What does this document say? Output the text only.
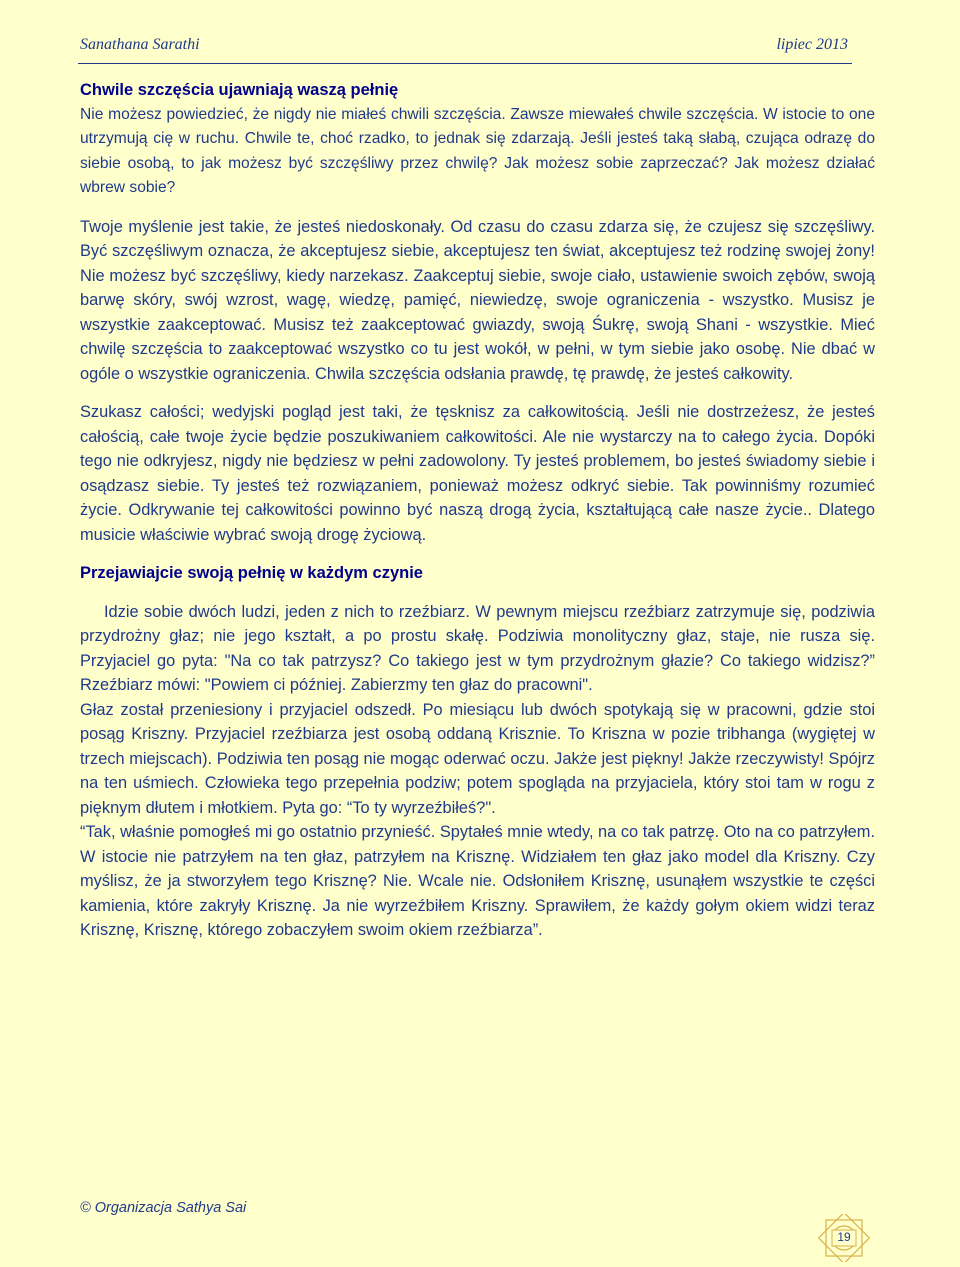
Sanathana Sarathi	lipiec 2013
Chwile szczęścia ujawniają waszą pełnię

Nie możesz powiedzieć, że nigdy nie miałeś chwili szczęścia. Zawsze miewałeś chwile szczęścia. W istocie to one utrzymują cię w ruchu. Chwile te, choć rzadko, to jednak się zdarzają. Jeśli jesteś taką słabą, czująca odrazę do siebie osobą, to jak możesz być szczęśliwy przez chwilę? Jak możesz sobie zaprzeczać? Jak możesz działać wbrew sobie?

Twoje myślenie jest takie, że jesteś niedoskonały. Od czasu do czasu zdarza się, że czujesz się szczęśliwy. Być szczęśliwym oznacza, że akceptujesz siebie, akceptujesz ten świat, akceptujesz też rodzinę swojej żony! Nie możesz być szczęśliwy, kiedy narzekasz. Zaakceptuj siebie, swoje ciało, ustawienie swoich zębów, swoją barwę skóry, swój wzrost, wagę, wiedzę, pamięć, niewiedzę, swoje ograniczenia - wszystko. Musisz je wszystkie zaakceptować. Musisz też zaakceptować gwiazdy, swoją Śukrę, swoją Shani - wszystkie. Mieć chwilę szczęścia to zaakceptować wszystko co tu jest wokół, w pełni, w tym siebie jako osobę. Nie dbać w ogóle o wszystkie ograniczenia. Chwila szczęścia odsłania prawdę, tę prawdę, że jesteś całkowity.

Szukasz całości; wedyjski pogląd jest taki, że tęsknisz za całkowitością. Jeśli nie dostrzeżesz, że jesteś całością, całe twoje życie będzie poszukiwaniem całkowitości. Ale nie wystarczy na to całego życia. Dopóki tego nie odkryjesz, nigdy nie będziesz w pełni zadowolony. Ty jesteś problemem, bo jesteś świadomy siebie i osądzasz siebie. Ty jesteś też rozwiązaniem, ponieważ możesz odkryć siebie. Tak powinniśmy rozumieć życie. Odkrywanie tej całkowitości powinno być naszą drogą życia, kształtującą całe nasze życie.. Dlatego musicie właściwie wybrać swoją drogę życiową.

Przejawiajcie swoją pełnię w każdym czynie

Idzie sobie dwóch ludzi, jeden z nich to rzeźbiarz. W pewnym miejscu rzeźbiarz zatrzymuje się, podziwia przydrożny głaz; nie jego kształt, a po prostu skałę. Podziwia monolityczny głaz, staje, nie rusza się. Przyjaciel go pyta: "Na co tak patrzysz? Co takiego jest w tym przydrożnym głazie? Co takiego widzisz?” Rzeźbiarz mówi: "Powiem ci później. Zabierzmy ten głaz do pracowni".

Głaz został przeniesiony i przyjaciel odszedł. Po miesiącu lub dwóch spotykają się w pracowni, gdzie stoi posąg Kriszny. Przyjaciel rzeźbiarza jest osobą oddaną Krisznie. To Kriszna w pozie tribhanga (wygiętej w trzech miejscach). Podziwia ten posąg nie mogąc oderwać oczu. Jakże jest piękny! Jakże rzeczywisty! Spójrz na ten uśmiech. Człowieka tego przepełnia podziw; potem spogląda na przyjaciela, który stoi tam w rogu z pięknym dłutem i młotkiem. Pyta go: “To ty wyrzeźbiłeś?".

“Tak, właśnie pomogłeś mi go ostatnio przynieść. Spytałeś mnie wtedy, na co tak patrzę. Oto na co patrzyłem. W istocie nie patrzyłem na ten głaz, patrzyłem na Krisznę. Widziałem ten głaz jako model dla Kriszny. Czy myślisz, że ja stworzyłem tego Krisznę? Nie. Wcale nie. Odsłoniłem Krisznę, usunąłem wszystkie te części kamienia, które zakryły Krisznę. Ja nie wyrzeźbiłem Kriszny. Sprawiłem, że każdy gołym okiem widzi teraz Krisznę, Krisznę, którego zobaczyłem swoim okiem rzeźbiarza”.

© Organizacja Sathya Sai
19
